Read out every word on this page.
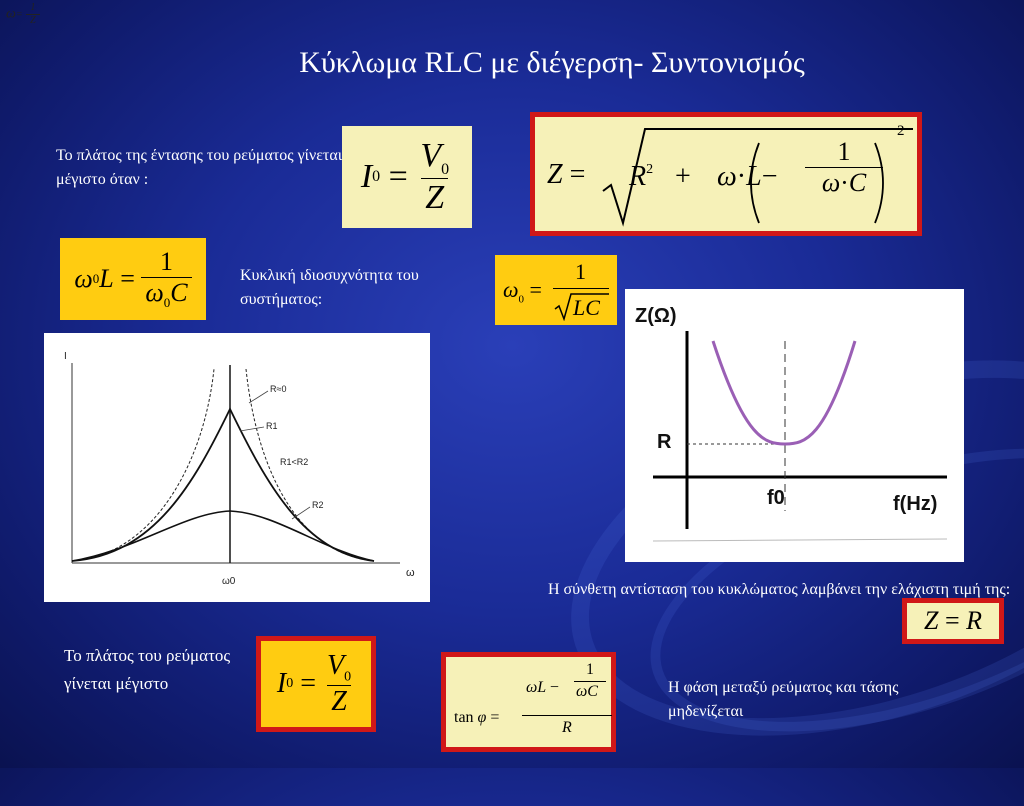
$\omega= \frac{1}{Z}$
Κύκλωμα RLC με διέγερση- Συντονισμός
Το πλάτος της έντασης του ρεύματος γίνεται μέγιστο όταν :	I 0
=
$\frac{V_0}{Z}$	$Z = R^2 + \omega\cdot L- \frac{1}{\omega\cdot C}$
2
ω 0 L
=
$\frac{1}{\omega_0C}$	Κυκλική ιδιοσυχνότητα του συστήματος:	$\omega_0$ =
1
LC
I
ω
ω0
R≈0
R1
R1<R2
R2
Z(Ω)
R
f0	f(Hz)
Η σύνθετη αντίσταση του κυκλώματος λαμβάνει την ελάχιστη τιμή της:
Z
=
R
Το πλάτος του ρεύματος γίνεται μέγιστο	I 0
=
$\frac{V_0}{Z}$	tan φ =
ωL −
1
ωC
R
Η φάση μεταξύ ρεύματος και τάσης μηδενίζεται
